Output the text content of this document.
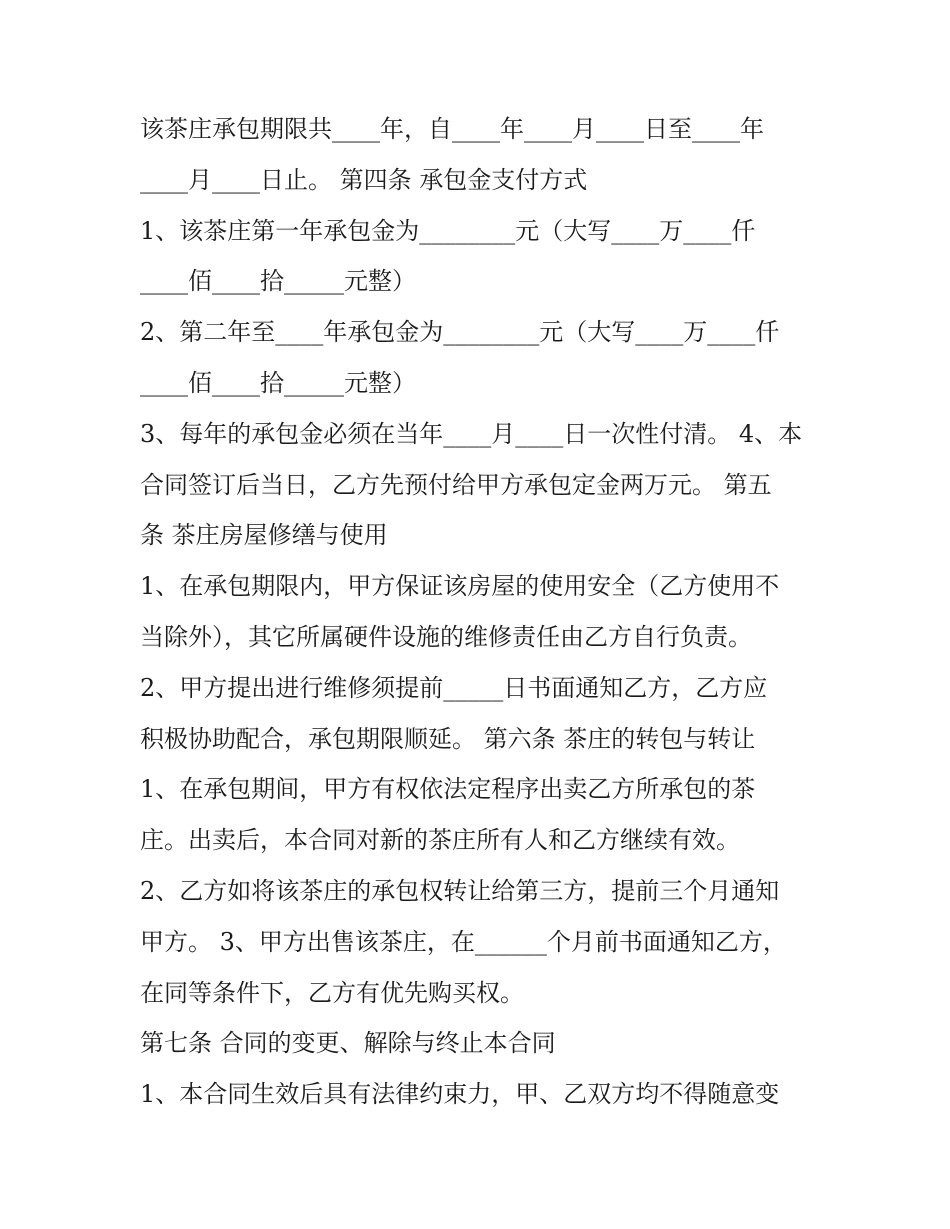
该茶庄承包期限共____年，自____年____月____日至____年
____月____日止。 第四条 承包金支付方式
1、该茶庄第一年承包金为________元（大写____万____仟
____佰____拾_____元整）
2、第二年至____年承包金为________元（大写____万____仟
____佰____拾_____元整）
3、每年的承包金必须在当年____月____日一次性付清。 4、本
合同签订后当日，乙方先预付给甲方承包定金两万元。 第五
条 茶庄房屋修缮与使用
1、在承包期限内，甲方保证该房屋的使用安全（乙方使用不
当除外），其它所属硬件设施的维修责任由乙方自行负责。
2、甲方提出进行维修须提前_____日书面通知乙方，乙方应
积极协助配合，承包期限顺延。 第六条 茶庄的转包与转让
1、在承包期间，甲方有权依法定程序出卖乙方所承包的茶
庄。出卖后，本合同对新的茶庄所有人和乙方继续有效。
2、乙方如将该茶庄的承包权转让给第三方，提前三个月通知
甲方。 3、甲方出售该茶庄，在______个月前书面通知乙方，
在同等条件下，乙方有优先购买权。
第七条 合同的变更、解除与终止本合同
1、本合同生效后具有法律约束力，甲、乙双方均不得随意变
